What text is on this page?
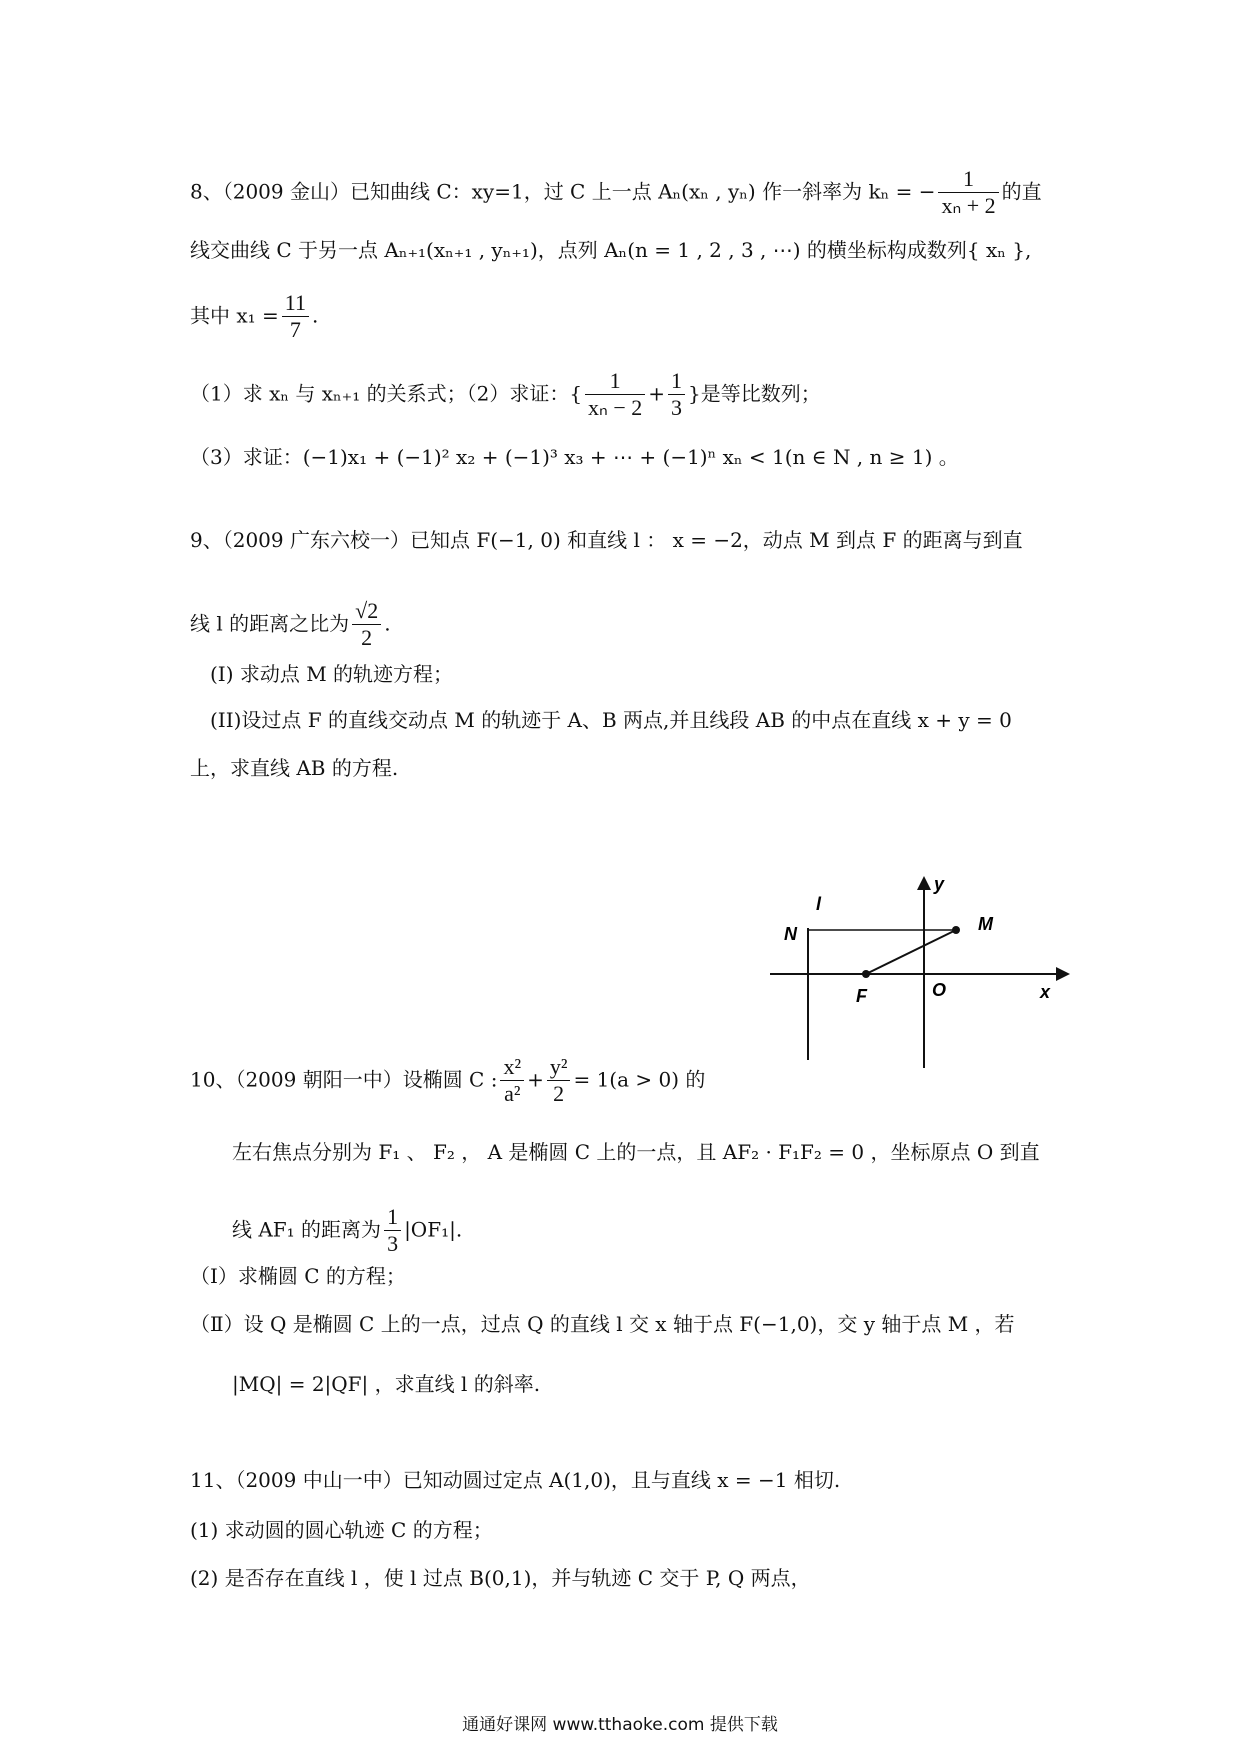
8、（2009 金山）已知曲线 C：xy=1，过 C 上一点 Aₙ(xₙ , yₙ) 作一斜率为 kₙ = − $\frac{1}{\text{xₙ + 2}}$ 的直
线交曲线 C 于另一点 Aₙ₊₁(xₙ₊₁ , yₙ₊₁)，点列 Aₙ(n = 1 , 2 , 3 , ⋯) 的横坐标构成数列{ xₙ },
其中 $x_1 = \frac{11}{7}$ .
（1）求 xₙ 与 xₙ₊₁ 的关系式；（2）求证：{ $\frac{1}{\text{xₙ − 2}} + \frac{1}{3}$ }是等比数列；
（3）求证：(−1)x₁ + (−1)² x₂ + (−1)³ x₃ + ⋯ + (−1)ⁿ xₙ < 1(n ∈ N , n ≥ 1) 。
9、（2009 广东六校一）已知点 F(−1, 0) 和直线 l ： x = −2，动点 M 到点 F 的距离与到直
线 l 的距离之比为 $\frac{√2}{2}$ .
(I) 求动点 M 的轨迹方程；
(II)设过点 F 的直线交动点 M 的轨迹于 A、B 两点,并且线段 AB 的中点在直线 x + y = 0
上，求直线 AB 的方程.
l
y
N	M
F	O	x
10、（2009 朝阳一中）设椭圆 C : $\frac{\text{x²}}{\text{a²}} + \frac{\text{y²}}{2} = 1(a > 0)$ 的
左右焦点分别为 F₁ 、 F₂ ， A 是椭圆 C 上的一点，且 AF₂ · F₁F₂ = 0 ，坐标原点 O 到直
线 AF₁ 的距离为 $\frac{1}{3} |OF_1|$.
（Ⅰ）求椭圆 C 的方程；
（Ⅱ）设 Q 是椭圆 C 上的一点，过点 Q 的直线 l 交 x 轴于点 F(−1,0)，交 y 轴于点 M ，若
|MQ| = 2|QF| ，求直线 l 的斜率.
11、（2009 中山一中）已知动圆过定点 A(1,0)，且与直线 x = −1 相切.
(1) 求动圆的圆心轨迹 C 的方程；
(2) 是否存在直线 l ，使 l 过点 B(0,1)，并与轨迹 C 交于 P, Q 两点，
通通好课网 www.tthaoke.com 提供下载
